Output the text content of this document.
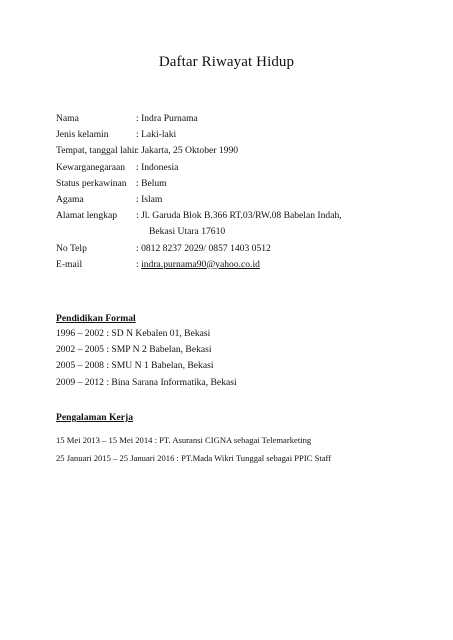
Daftar Riwayat Hidup
Nama	: Indra Purnama
Jenis kelamin	: Laki-laki
Tempat, tanggal lahir
: Jakarta, 25 Oktober 1990
Kewarganegaraan	: Indonesia
Status perkawinan : Belum
Agama	: Islam
Alamat lengkap	: Jl. Garuda Blok B.366 RT.03/RW.08 Babelan Indah,
Bekasi Utara 17610
No Telp	: 0812 8237 2029/ 0857 1403 0512
E-mail	: indra.purnama90@yahoo.co.id
Pendidikan Formal
1996 – 2002 : SD N Kebalen 01, Bekasi
2002 – 2005 : SMP N 2 Babelan, Bekasi
2005 – 2008 : SMU N 1 Babelan, Bekasi
2009 – 2012 : Bina Sarana Informatika, Bekasi
Pengalaman Kerja
15 Mei 2013 – 15 Mei 2014 : PT. Asuransi CIGNA sebagai Telemarketing
25 Januari 2015 – 25 Januari 2016 : PT.Mada Wikri Tunggal sebagai PPIC Staff
